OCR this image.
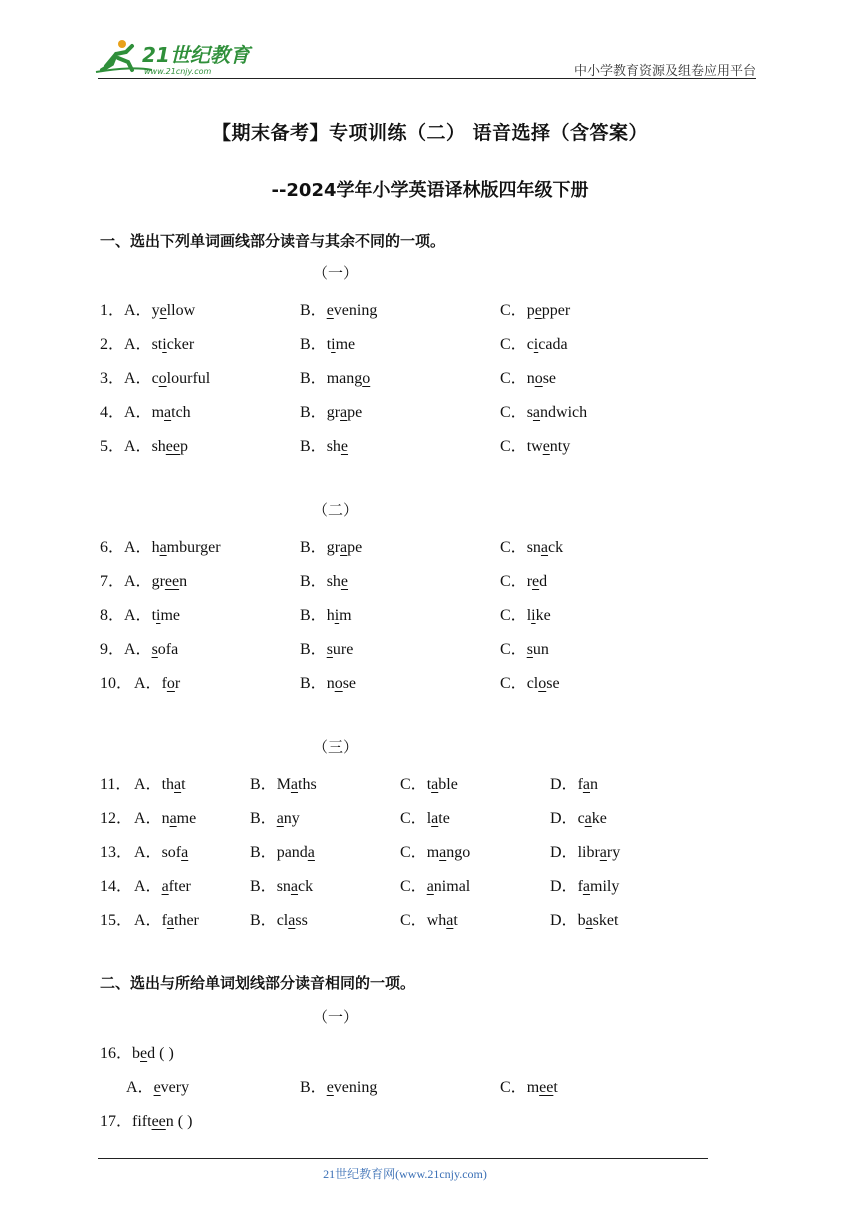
21世纪教育
www.21cnjy.com	中小学教育资源及组卷应用平台
【期末备考】专项训练（二） 语音选择（含答案）
--2024学年小学英语译林版四年级下册
一、选出下列单词画线部分读音与其余不同的一项。
（一）
1． A．yellow	B．evening	C．pepper
2． A．sticker	B．time	C．cicada
3． A．colourful	B．mango	C．nose
4． A．match	B．grape	C．sandwich
5． A．sheep	B．she	C．twenty
（二）
6． A．hamburger	B．grape	C．snack
7． A．green	B．she	C．red
8． A．time	B．him	C．like
9． A．sofa	B．sure	C．sun
10． A．for	B．nose	C．close
（三）
11． A．that	B．Maths	C．table	D．fan
12． A．name	B．any	C．late	D．cake
13． A．sofa	B．panda	C．mango	D．library
14． A．after	B．snack	C．animal	D．family
15． A．father	B．class	C．what	D．basket
二、选出与所给单词划线部分读音相同的一项。
（一）
16．bed ( )
A．every	B．evening	C．meet
17．fifteen ( )
21世纪教育网(www.21cnjy.com)
